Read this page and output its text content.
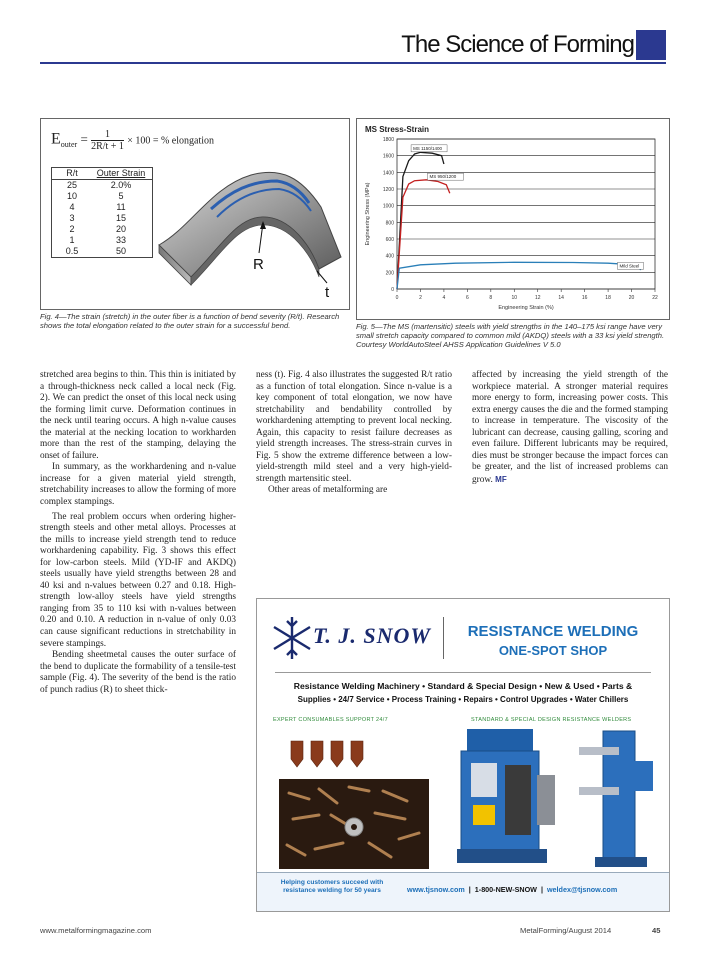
The Science of Forming
$E_{outer} = \frac{1}{2R/t + 1} \times 100$ = % elongation
R/t	Outer Strain
25	2.0%
10	5
4	11
3	15
2	20
1	33
0.5	50
R
t
Fig. 4—The strain (stretch) in the outer fiber is a function of bend severity (R/t). Research shows the total elongation related to the outer strain for a successful bend.
MS Stress-Strain
1800
1600
1400
1200
1000
800
600
400
200
0
0	2	4	6	8	10	12	14	16	18	20	22
Engineering Strain (%)
Engineering Stress (MPa)
MS 1150/1400
MS 950/1200
Mild Steel
Fig. 5—The MS (martensitic) steels with yield strengths in the 140–175 ksi range have very small stretch capacity compared to common mild (AKDQ) steels with a 33 ksi yield strength. Courtesy WorldAutoSteel AHSS Application Guidelines V 5.0

stretched area begins to thin. This thin is initiated by a through-thickness neck called a local neck (Fig. 2). We can predict the onset of this local neck using the forming limit curve. Deformation continues in the neck until tearing occurs. A high n-value causes the material at the necking location to workharden more than the rest of the stamping, delaying the onset of failure.

In summary, as the workhardening and n-value increase for a given material yield strength, stretchability increases to allow the forming of more complex stampings.

The real problem occurs when ordering higher-strength steels and other metal alloys. Processes at the mills to increase yield strength tend to reduce workhardening capability. Fig. 3 shows this effect for low-carbon steels. Mild (YD-IF and AKDQ) steels usually have yield strengths between 28 and 40 ksi and n-values between 0.27 and 0.18. High-strength low-alloy steels have yield strengths ranging from 35 to 110 ksi with n-values between 0.20 and 0.10. A reduction in n-value of only 0.03 can cause significant reductions in stretchability in severe stampings.

Bending sheetmetal causes the outer surface of the bend to duplicate the formability of a tensile-test sample (Fig. 4). The severity of the bend is the ratio of punch radius (R) to sheet thick-

ness (t). Fig. 4 also illustrates the suggested R/t ratio as a function of total elongation. Since n-value is a key component of total elongation, we now have stretchability and bendability controlled by workhardening attempting to prevent local necking. Again, this capacity to resist failure decreases as yield strength increases. The stress-strain curves in Fig. 5 show the extreme difference between a low-yield-strength mild steel and a very high-yield-strength martensitic steel.

Other areas of metalforming are

affected by increasing the yield strength of the workpiece material. A stronger material requires more energy to form, increasing power costs. This extra energy causes the die and the formed stamping to increase in temperature. The viscosity of the lubricant can decrease, causing galling, scoring and even failure. Different lubricants may be required, dies must be stronger because the impact forces can be greater, and the list of increased problems can grow. MF

T. J. SNOW	RESISTANCE WELDING
ONE-SPOT SHOP
Resistance Welding Machinery • Standard & Special Design • New & Used • Parts &
Supplies • 24/7 Service • Process Training • Repairs • Control Upgrades • Water Chillers
EXPERT CONSUMABLES SUPPORT 24/7	STANDARD & SPECIAL DESIGN RESISTANCE WELDERS
Helping customers succeed with resistance welding for 50 years	www.tjsnow.com  |  1-800-NEW-SNOW  |  weldex@tjsnow.com
www.metalformingmagazine.com	MetalForming/August 2014	45
